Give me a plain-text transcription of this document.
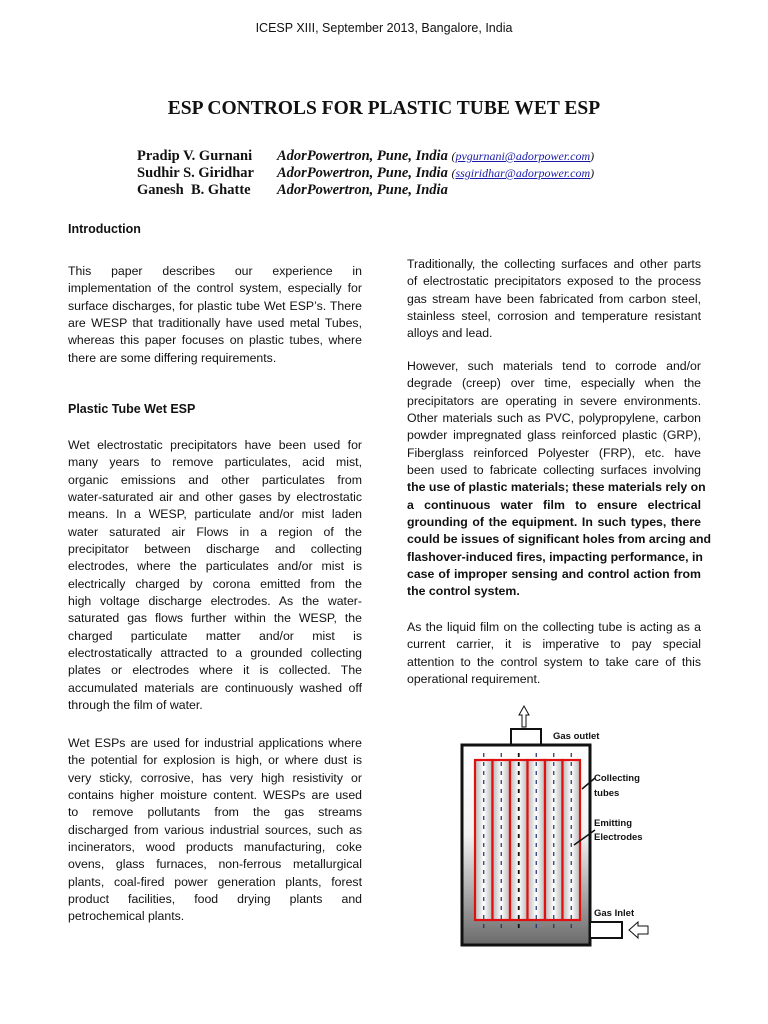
ICESP XIII, September 2013, Bangalore, India
ESP CONTROLS FOR PLASTIC TUBE WET ESP
Pradip V. Gurnani AdorPowertron, Pune, India (pvgurnani@adorpower.com)
Sudhir S. Giridhar AdorPowertron, Pune, India (ssgiridhar@adorpower.com)
Ganesh  B. Ghatte AdorPowertron, Pune, India
Introduction
This paper describes our experience in
implementation of the control system, especially for
surface discharges, for plastic tube Wet ESP’s. There
are WESP that traditionally have used metal Tubes,
whereas this paper focuses on plastic tubes, where
there are some differing requirements.
Plastic Tube Wet ESP
Wet electrostatic precipitators have been used for
many years to remove particulates, acid mist,
organic emissions and other particulates from
water-saturated air and other gases by electrostatic
means. In a WESP, particulate and/or mist laden
water saturated air Flows in a region of the
precipitator between discharge and collecting
electrodes, where the particulates and/or mist is
electrically charged by corona emitted from the
high voltage discharge electrodes. As the water-
saturated gas flows further within the WESP, the
charged particulate matter and/or mist is
electrostatically attracted to a grounded collecting
plates or electrodes where it is collected. The
accumulated materials are continuously washed off
through the film of water.
Wet ESPs are used for industrial applications where
the potential for explosion is high, or where dust is
very sticky, corrosive, has very high resistivity or
contains higher moisture content. WESPs are used
to remove pollutants from the gas streams
discharged from various industrial sources, such as
incinerators, wood products manufacturing, coke
ovens, glass furnaces, non-ferrous metallurgical
plants, coal-fired power generation plants, forest
product facilities, food drying plants and
petrochemical plants.
Traditionally, the collecting surfaces and other parts
of electrostatic precipitators exposed to the process
gas stream have been fabricated from carbon steel,
stainless steel, corrosion and temperature resistant
alloys and lead.
However, such materials tend to corrode and/or
degrade (creep) over time, especially when the
precipitators are operating in severe environments.
Other materials such as PVC, polypropylene, carbon
powder impregnated glass reinforced plastic (GRP),
Fiberglass reinforced Polyester (FRP), etc. have
been used to fabricate collecting surfaces involving
the use of plastic materials; these materials rely on
a continuous water film to ensure electrical
grounding of the equipment. In such types, there
could be issues of significant holes from arcing and
flashover-induced fires, impacting performance, in
case of improper sensing and control action from
the control system.
As the liquid film on the collecting tube is acting as a
current carrier, it is imperative to pay special
attention to the control system to take care of this
operational requirement.
Gas outlet
Collecting
tubes
Emitting
Electrodes
Gas Inlet
